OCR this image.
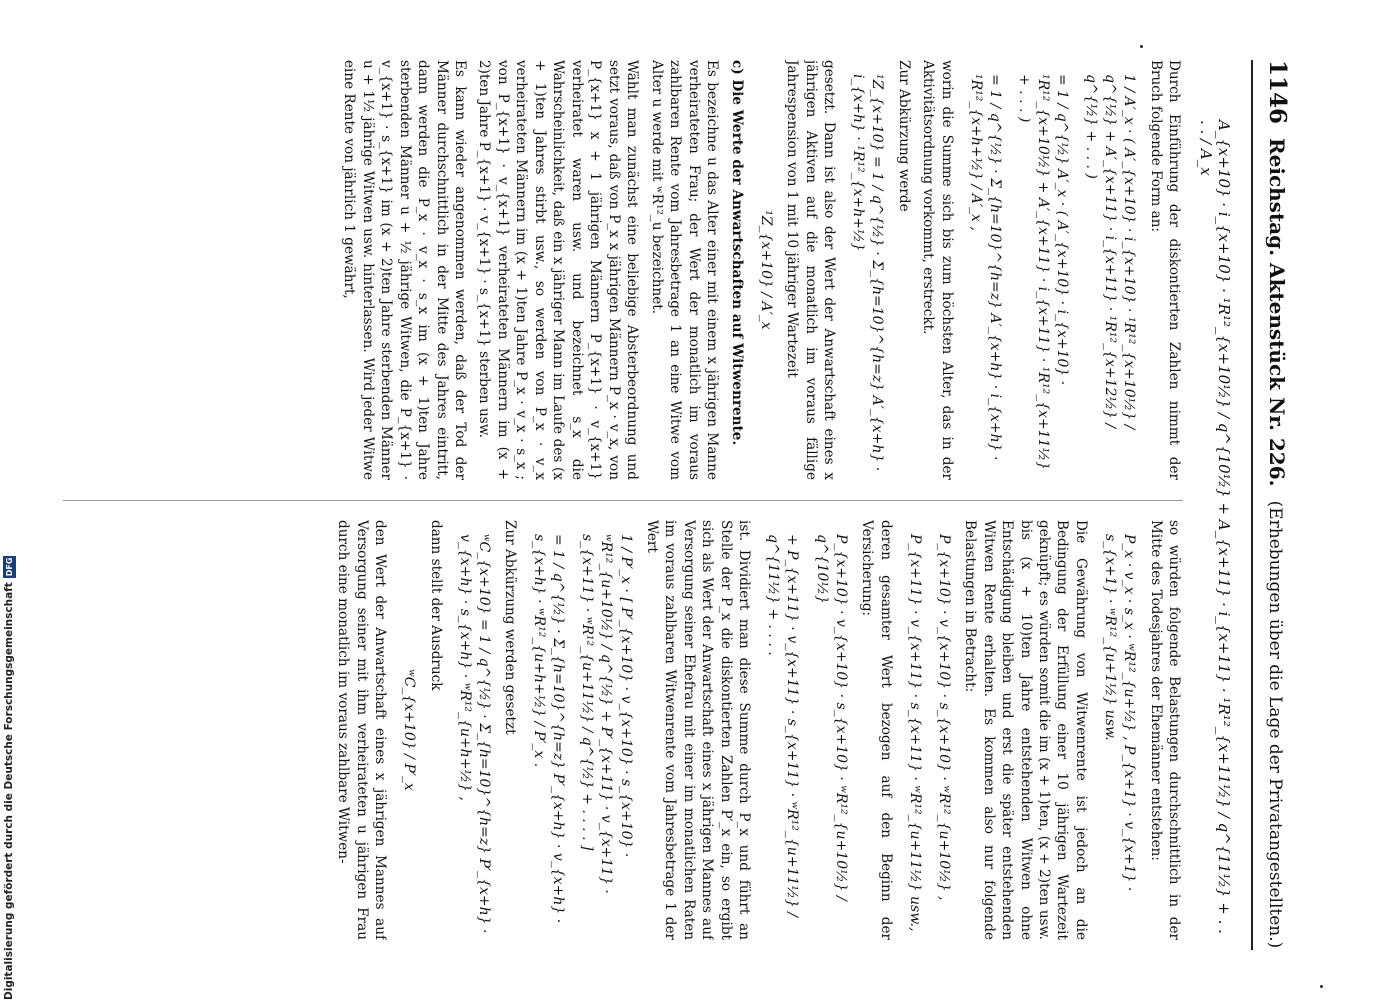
1146
Reichstag. Aktenstück Nr. 226.
(Erhebungen über die Lage der Privatangestellten.)
A_{x+10} · i_{x+10} · ¹R¹²_{x+10½} / q^{10½} + A_{x+11} · i_{x+11} · ¹R¹²_{x+11½} / q^{11½} + . . . . / A_x

Durch Einführung der diskontierten Zahlen nimmt der Bruch folgende Form an:

1 / A′_x · ( A′_{x+10} · i_{x+10} · ¹R¹²_{x+10½} / q^{½} + A′_{x+11} · i_{x+11} · ¹R¹²_{x+12½} / q^{½} + . . . )
= 1 / q^{½} A′_x · ( A′_{x+10} · i_{x+10} · ¹R¹²_{x+10½} + A′_{x+11} · i_{x+11} · ¹R¹²_{x+11½} + . . . )
= 1 / q^{½} · Σ_{h=10}^{h=z} A′_{x+h} · i_{x+h} · ¹R¹²_{x+h+½} / A′_x ,

worin die Summe sich bis zum höchsten Alter, das in der Aktivitätsordnung vorkommt, erstreckt.

Zur Abkürzung werde

¹Z_{x+10} = 1 / q^{½} · Σ_{h=10}^{h=z} A′_{x+h} · i_{x+h} · ¹R¹²_{x+h+½}

gesetzt. Dann ist also der Wert der Anwartschaft eines x jährigen Aktiven auf die monatlich im voraus fällige Jahrespension von 1 mit 10 jähriger Wartezeit

¹Z_{x+10} / A′_x

c) Die Werte der Anwartschaften auf Witwenrente.

Es bezeichne u das Alter einer mit einem x jährigen Manne verheirateten Frau; der Wert der monatlich im voraus zahlbaren Rente vom Jahresbetrage 1 an eine Witwe vom Alter u werde mit ʷR¹²_u bezeichnet.

Wählt man zunächst eine beliebige Absterbeordnung und setzt voraus, daß von P_x x jährigen Männern P_x · v_x, von P_{x+1} x + 1 jährigen Männern P_{x+1} · v_{x+1} verheiratet waren usw. und bezeichnet s_x die Wahrscheinlichkeit, daß ein x jähriger Mann im Laufe des (x + 1)ten Jahres stirbt usw., so werden von P_x · v_x verheirateten Männern im (x + 1)ten Jahre P_x · v_x · s_x ; von P_{x+1} · v_{x+1} verheirateten Männern im (x + 2)ten Jahre P_{x+1} · v_{x+1} · s_{x+1} sterben usw.

Es kann wieder angenommen werden, daß der Tod der Männer durchschnittlich in der Mitte des Jahres eintritt, dann werden die P_x · v_x · s_x im (x + 1)ten Jahre sterbenden Männer u + ½ jährige Witwen, die P_{x+1} · v_{x+1} · s_{x+1} im (x + 2)ten Jahre sterbenden Männer u + 1½ jährige Witwen usw. hinterlassen. Wird jeder Witwe eine Rente von jährlich 1 gewährt,

so würden folgende Belastungen durchschnittlich in der Mitte des Todesjahres der Ehemänner entstehen:

P_x · v_x · s_x · ʷR¹²_{u+½} , P_{x+1} · v_{x+1} · s_{x+1} · ʷR¹²_{u+1½} usw.

Die Gewährung von Witwenrente ist jedoch an die Bedingung der Erfüllung einer 10 jährigen Wartezeit geknüpft; es würden somit die im (x + 1)ten, (x + 2)ten usw. bis (x + 10)ten Jahre entstehenden Witwen ohne Entschädigung bleiben und erst die später entstehenden Witwen Rente erhalten. Es kommen also nur folgende Belastungen in Betracht:

P_{x+10} · v_{x+10} · s_{x+10} · ʷR¹²_{u+10½} ,
P_{x+11} · v_{x+11} · s_{x+11} · ʷR¹²_{u+11½} usw.,

deren gesamter Wert bezogen auf den Beginn der Versicherung:

P_{x+10} · v_{x+10} · s_{x+10} · ʷR¹²_{u+10½} / q^{10½}
+ P_{x+11} · v_{x+11} · s_{x+11} · ʷR¹²_{u+11½} / q^{11½} + . . . .

ist. Dividiert man diese Summe durch P_x und führt an Stelle der P_x die diskontierten Zahlen P′_x ein, so ergibt sich als Wert der Anwartschaft eines x jährigen Mannes auf Versorgung seiner Ehefrau mit einer im monatlichen Raten im voraus zahlbaren Witwenrente vom Jahresbetrage 1 der Wert

1 / P′_x · [ P′_{x+10} · v_{x+10} · s_{x+10} · ʷR¹²_{u+10½} / q^{½} + P′_{x+11} · v_{x+11} · s_{x+11} · ʷR¹²_{u+11½} / q^{½} + . . . . ]
= 1 / q^{½} · Σ_{h=10}^{h=z} P′_{x+h} · v_{x+h} · s_{x+h} · ʷR¹²_{u+h+½} / P′_x .

Zur Abkürzung werden gesetzt

ʷC_{x+10} = 1 / q^{½} · Σ_{h=10}^{h=z} P′_{x+h} · v_{x+h} · s_{x+h} · ʷR¹²_{u+h+½} ,

dann stellt der Ausdruck

ʷC_{x+10} / P′_x

den Wert der Anwartschaft eines x jährigen Mannes auf Versorgung seiner mit ihm verheirateten u jährigen Frau durch eine monatlich im voraus zahlbare Witwen-

Digitalisierung gefördert durch die Deutsche Forschungsgemeinschaft
DFG
